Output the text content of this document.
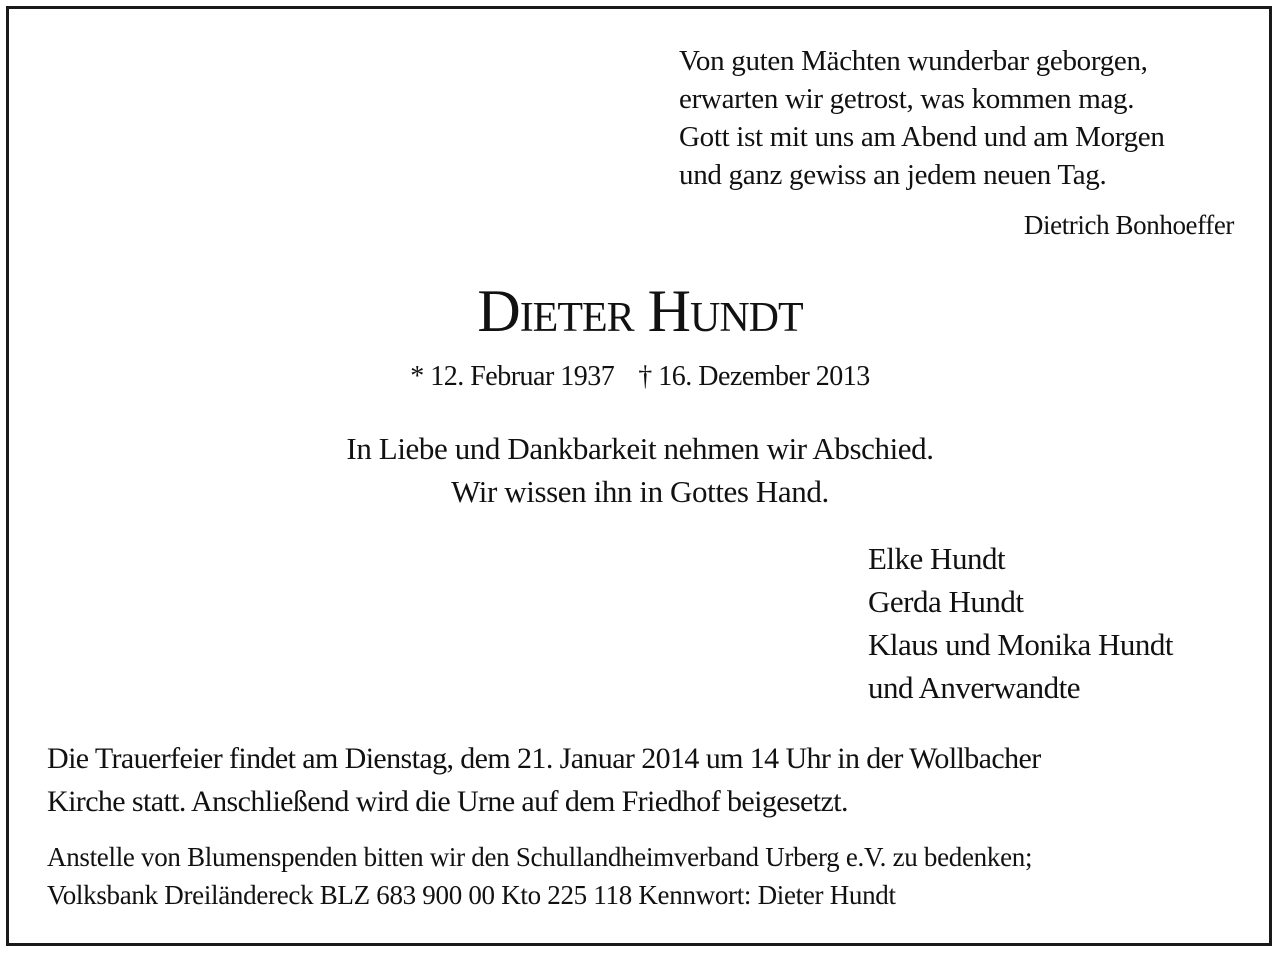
Von guten Mächten wunderbar geborgen,
erwarten wir getrost, was kommen mag.
Gott ist mit uns am Abend und am Morgen
und ganz gewiss an jedem neuen Tag.
Dietrich Bonhoeffer
Dieter Hundt
* 12. Februar 1937 † 16. Dezember 2013
In Liebe und Dankbarkeit nehmen wir Abschied.
Wir wissen ihn in Gottes Hand.
Elke Hundt
Gerda Hundt
Klaus und Monika Hundt
und Anverwandte
Die Trauerfeier findet am Dienstag, dem 21. Januar 2014 um 14 Uhr in der Wollbacher
Kirche statt. Anschließend wird die Urne auf dem Friedhof beigesetzt.
Anstelle von Blumenspenden bitten wir den Schullandheimverband Urberg e.V. zu bedenken;
Volksbank Dreiländereck BLZ 683 900 00 Kto 225 118 Kennwort: Dieter Hundt
